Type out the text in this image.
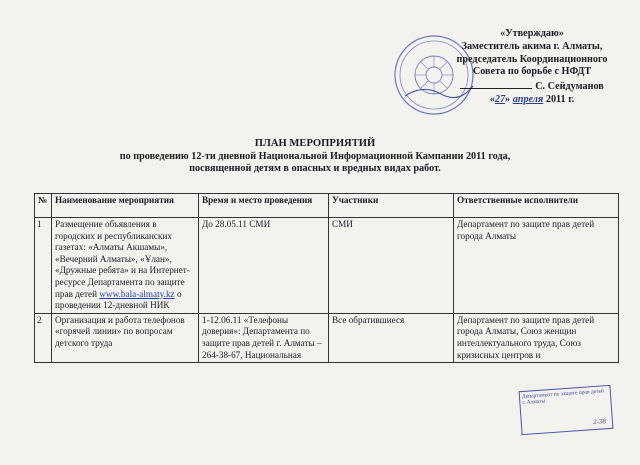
«Утверждаю»
Заместитель акима г. Алматы,
председатель Координационного
Совета по борьбе с НФДТ
С. Сейдуманов
«27» апреля 2011 г.
ПЛАН МЕРОПРИЯТИЙ
по проведению 12-ти дневной Национальной Информационной Кампании 2011 года,
посвященной детям в опасных и вредных видах работ.
№	Наименование мероприятия	Время и место проведения	Участники	Ответственные исполнители
1	Размещение объявления в городских и республиканских газетах: «Алматы Акшамы», «Вечерний Алматы», «Ұлан», «Дружные ребята» и на Интернет-ресурсе Департамента по защите прав детей www.bala-almaty.kz о проведении 12-дневной НИК	До 28.05.11 СМИ	СМИ	Департамент по защите прав детей города Алматы
2	Организация и работа телефонов «горячей линии» по вопросам детского труда	1-12.06.11 «Телефоны доверия»: Департамента по защите прав детей г. Алматы – 264-38-67, Национальная	Все обратившиеся	Департамент по защите прав детей города Алматы, Союз женщин интеллектуального труда, Союз кризисных центров и
Департамент по защите прав детей г. Алматы
2-38
